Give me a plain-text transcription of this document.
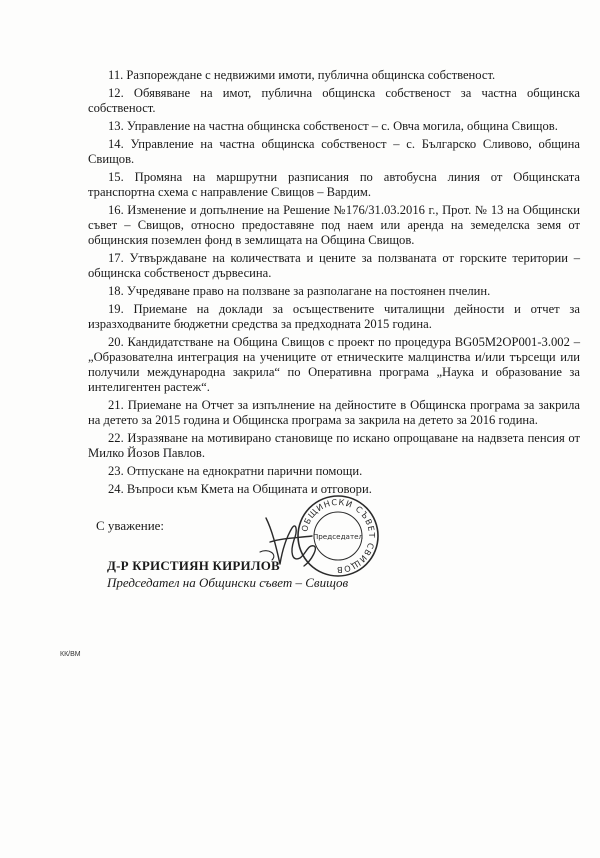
11. Разпореждане с недвижими имоти, публична общинска собственост.

12. Обявяване на имот, публична общинска собственост за частна общинска собственост.

13. Управление на частна общинска собственост – с. Овча могила, община Свищов.

14. Управление на частна общинска собственост – с. Българско Сливово, община Свищов.

15. Промяна на маршрутни разписания по автобусна линия от Общинската транспортна схема с направление Свищов – Вардим.

16. Изменение и допълнение на Решение №176/31.03.2016 г., Прот. № 13 на Общински съвет – Свищов, относно предоставяне под наем или аренда на земеделска земя от общинския поземлен фонд в землищата на Община Свищов.

17. Утвърждаване на количествата и цените за ползваната от горските територии – общинска собственост дървесина.

18. Учредяване право на ползване за разполагане на постоянен пчелин.

19. Приемане на доклади за осъществените читалищни дейности и отчет за изразходваните бюджетни средства за предходната 2015 година.

20. Кандидатстване на Община Свищов с проект по процедура BG05M2OP001-3.002 – „Образователна интеграция на учениците от етническите малцинства и/или търсещи или получили международна закрила“ по Оперативна програма „Наука и образование за интелигентен растеж“.

21. Приемане на Отчет за изпълнение на дейностите в Общинска програма за закрила на детето за 2015 година и Общинска програма за закрила на детето за 2016 година.

22. Изразяване на мотивирано становище по искано опрощаване на надвзета пенсия от Милко Йозов Павлов.

23. Отпускане на еднократни парични помощи.

24. Въпроси към Кмета на Общината и отговори.

С уважение:	ОБЩИНСКИ СЪВЕТ СВИЩОВ
Председател
Д-Р КРИСТИЯН КИРИЛОВ
Председател на Общински съвет – Свищов
КК/ВМ
